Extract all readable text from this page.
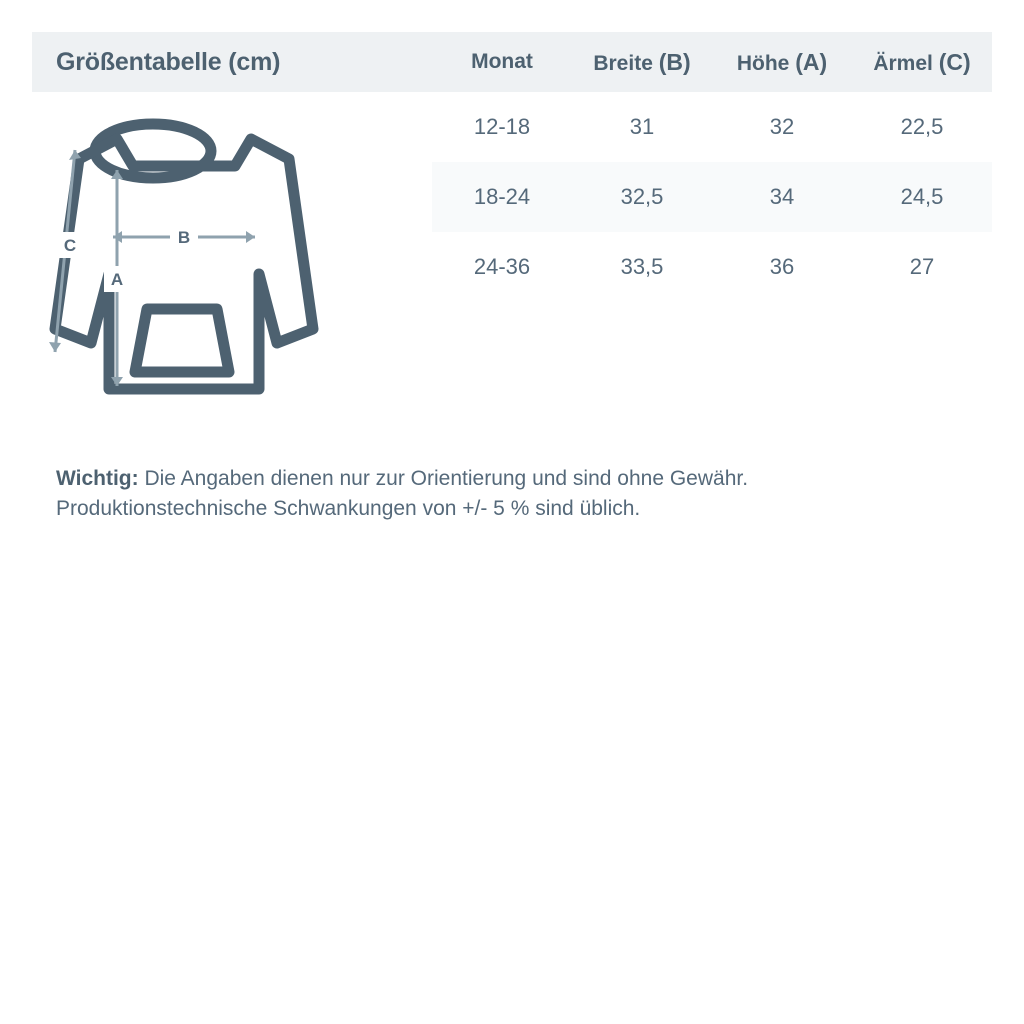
Größentabelle (cm)	Monat	Breite (B)	Höhe (A)	Ärmel (C)
B
A
C
12-18	31	32	22,5
18-24	32,5	34	24,5
24-36	33,5	36	27
Wichtig: Die Angaben dienen nur zur Orientierung und sind ohne Gewähr.
Produktionstechnische Schwankungen von +/- 5 % sind üblich.
